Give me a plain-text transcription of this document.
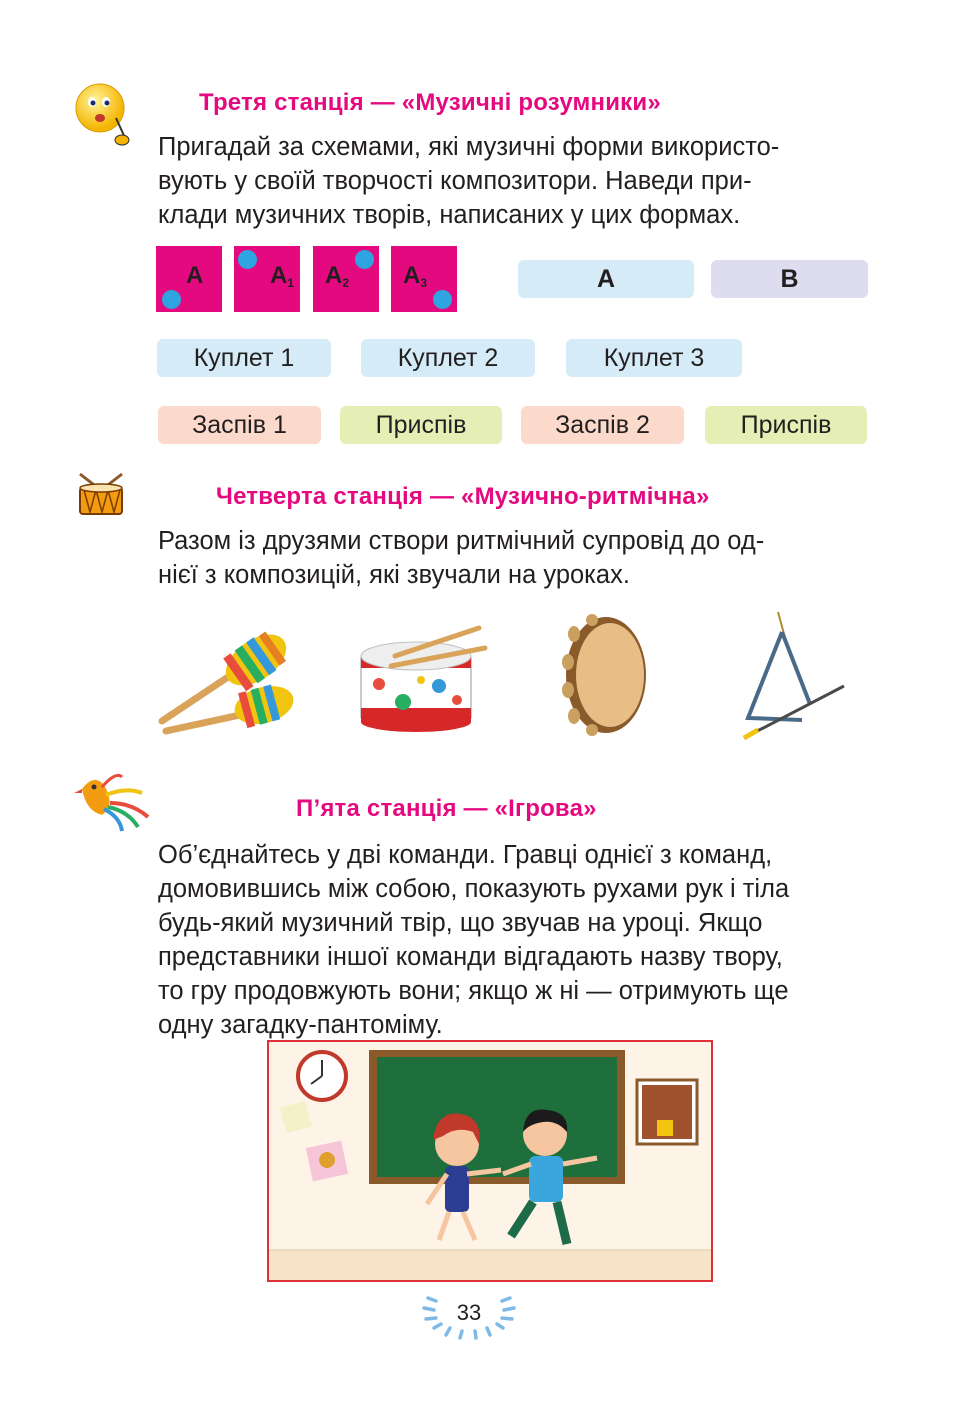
Третя станція — «Музичні розумники»
Пригадай за схемами, які музичні форми використо-
вують у своїй творчості композитори. Наведи при-
клади музичних творів, написаних у цих формах.
А	$А_1$ $А_2$ $А_3$	А	В
Куплет 1	Куплет 2	Куплет 3
Заспів 1	Приспів	Заспів 2	Приспів
Четверта станція — «Музично-ритмічна»
Разом із друзями створи ритмічний супровід до од-
нієї з композицій, які звучали на уроках.
П’ята станція — «Ігрова»
Об’єднайтесь у дві команди. Гравці однієї з команд,
домовившись між собою, показують рухами рук і тіла
будь-який музичний твір, що звучав на уроці. Якщо
представники іншої команди відгадають назву твору,
то гру продовжують вони; якщо ж ні — отримують ще
одну загадку-пантоміму.
33
